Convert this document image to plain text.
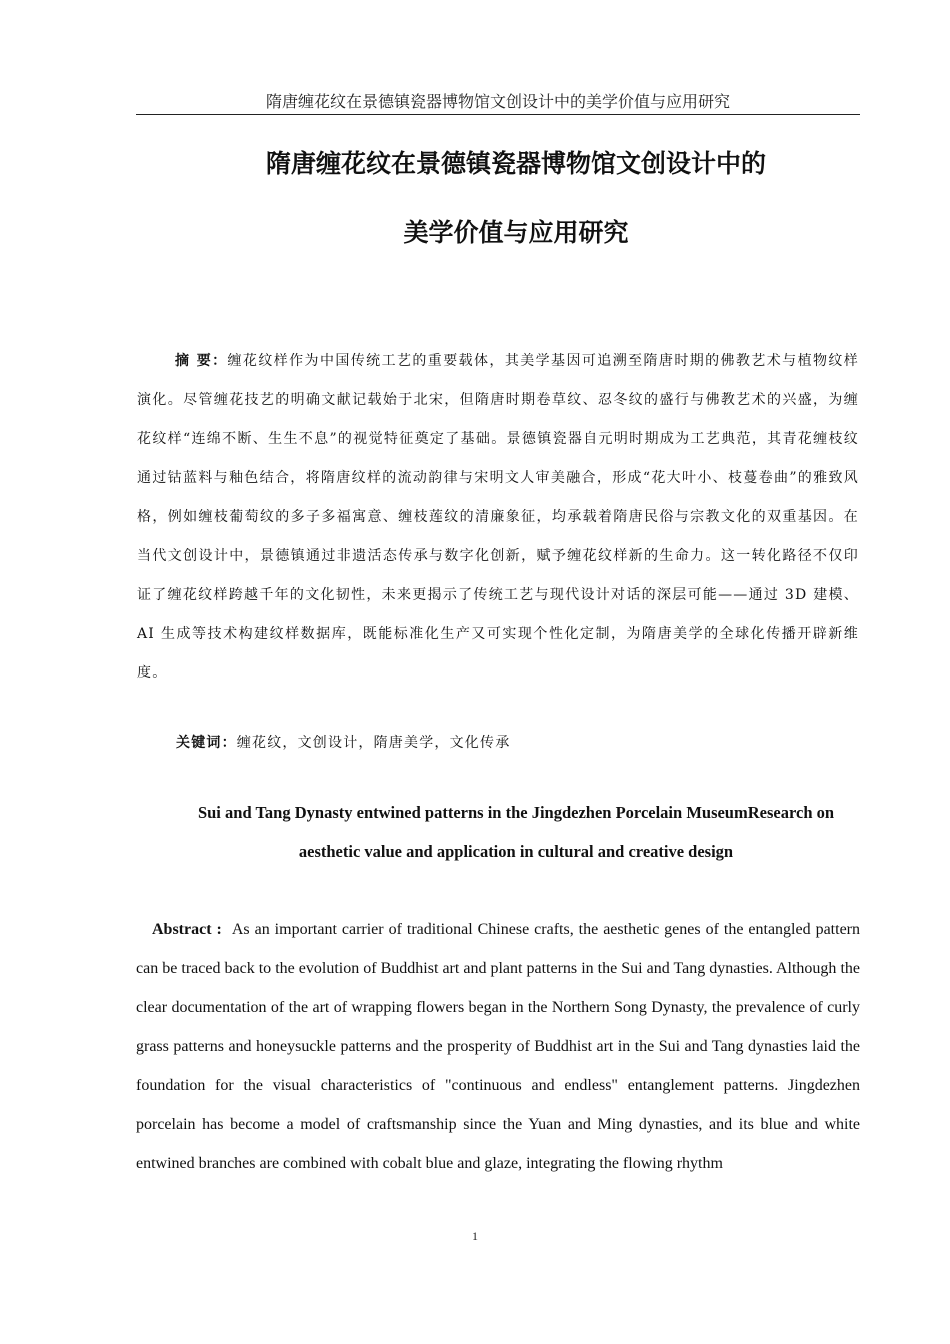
隋唐缠花纹在景德镇瓷器博物馆文创设计中的美学价值与应用研究
隋唐缠花纹在景德镇瓷器博物馆文创设计中的
美学价值与应用研究

摘 要：缠花纹样作为中国传统工艺的重要载体，其美学基因可追溯至隋唐时期的佛教艺术与植物纹样演化。尽管缠花技艺的明确文献记载始于北宋，但隋唐时期卷草纹、忍冬纹的盛行与佛教艺术的兴盛，为缠花纹样“连绵不断、生生不息”的视觉特征奠定了基础。景德镇瓷器自元明时期成为工艺典范，其青花缠枝纹通过钴蓝料与釉色结合，将隋唐纹样的流动韵律与宋明文人审美融合，形成“花大叶小、枝蔓卷曲”的雅致风格，例如缠枝葡萄纹的多子多福寓意、缠枝莲纹的清廉象征，均承载着隋唐民俗与宗教文化的双重基因。在当代文创设计中，景德镇通过非遗活态传承与数字化创新，赋予缠花纹样新的生命力。这一转化路径不仅印证了缠花纹样跨越千年的文化韧性，未来更揭示了传统工艺与现代设计对话的深层可能——通过 3D 建模、AI 生成等技术构建纹样数据库，既能标准化生产又可实现个性化定制，为隋唐美学的全球化传播开辟新维度。

关键词：缠花纹，文创设计，隋唐美学，文化传承

Sui and Tang Dynasty entwined patterns in the Jingdezhen Porcelain MuseumResearch on
aesthetic value and application in cultural and creative design

Abstract : As an important carrier of traditional Chinese crafts, the aesthetic genes of the entangled pattern can be traced back to the evolution of Buddhist art and plant patterns in the Sui and Tang dynasties. Although the clear documentation of the art of wrapping flowers began in the Northern Song Dynasty, the prevalence of curly grass patterns and honeysuckle patterns and the prosperity of Buddhist art in the Sui and Tang dynasties laid the foundation for the visual characteristics of "continuous and endless" entanglement patterns. Jingdezhen porcelain has become a model of craftsmanship since the Yuan and Ming dynasties, and its blue and white entwined branches are combined with cobalt blue and glaze, integrating the flowing rhythm

1
